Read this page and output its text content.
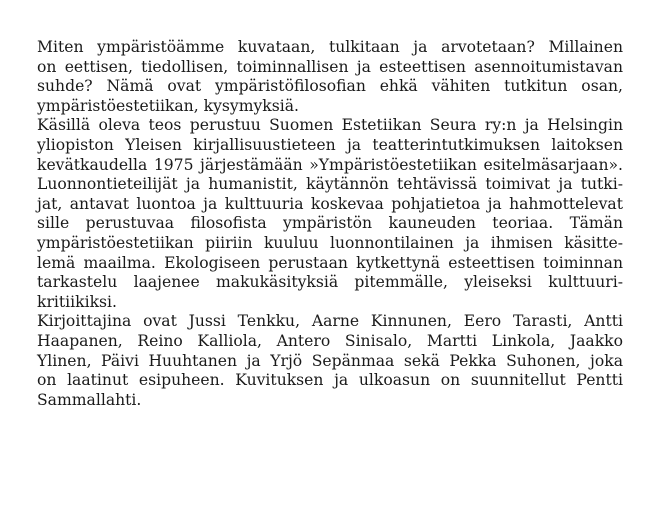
Miten ympäristöämme kuvataan, tulkitaan ja arvotetaan? Millainen
on eettisen, tiedollisen, toiminnallisen ja esteettisen asennoitumistavan
suhde? Nämä ovat ympäristöfilosofian ehkä vähiten tutkitun osan,
ympäristöestetiikan, kysymyksiä.
Käsillä oleva teos perustuu Suomen Estetiikan Seura ry:n ja Helsingin
yliopiston Yleisen kirjallisuustieteen ja teatterintutkimuksen laitoksen
kevätkaudella 1975 järjestämään »Ympäristöestetiikan esitelmäsarjaan».
Luonnontieteilijät ja humanistit, käytännön tehtävissä toimivat ja tutki-
jat, antavat luontoa ja kulttuuria koskevaa pohjatietoa ja hahmottelevat
sille perustuvaa filosofista ympäristön kauneuden teoriaa. Tämän
ympäristöestetiikan piiriin kuuluu luonnontilainen ja ihmisen käsitte-
lemä maailma. Ekologiseen perustaan kytkettynä esteettisen toiminnan
tarkastelu laajenee makukäsityksiä pitemmälle, yleiseksi kulttuuri-
kritiikiksi.
Kirjoittajina ovat Jussi Tenkku, Aarne Kinnunen, Eero Tarasti, Antti
Haapanen, Reino Kalliola, Antero Sinisalo, Martti Linkola, Jaakko
Ylinen, Päivi Huuhtanen ja Yrjö Sepänmaa sekä Pekka Suhonen, joka
on laatinut esipuheen. Kuvituksen ja ulkoasun on suunnitellut Pentti
Sammallahti.
